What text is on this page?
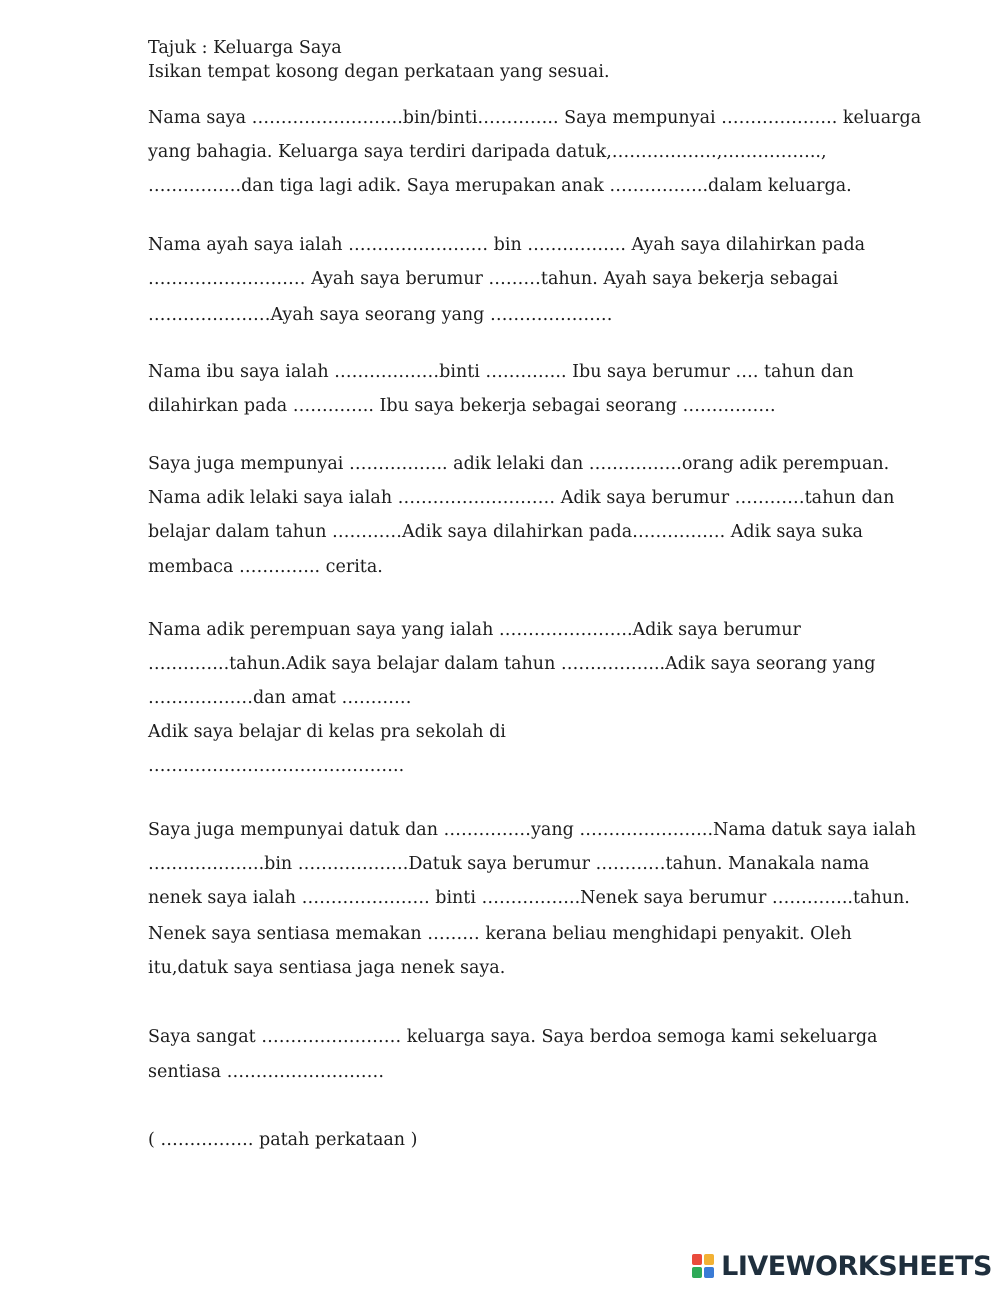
Tajuk : Keluarga Saya
Isikan tempat kosong degan perkataan yang sesuai.
Nama saya ……………………..bin/binti………….. Saya mempunyai ……………….. keluarga
yang bahagia. Keluarga saya terdiri daripada datuk,………………,……………..,
…………….dan tiga lagi adik. Saya merupakan anak ……………..dalam keluarga.
Nama ayah saya ialah …………………… bin …………….. Ayah saya dilahirkan pada
……………………… Ayah saya berumur ………tahun. Ayah saya bekerja sebagai
…………………Ayah saya seorang yang …………………
Nama ibu saya ialah ………………binti ………….. Ibu saya berumur …. tahun dan
dilahirkan pada ………….. Ibu saya bekerja sebagai seorang …………….
Saya juga mempunyai …………….. adik lelaki dan …………….orang adik perempuan.
Nama adik lelaki saya ialah ……………………… Adik saya berumur …………tahun dan
belajar dalam tahun …………Adik saya dilahirkan pada……………. Adik saya suka
membaca ………….. cerita.
Nama adik perempuan saya yang ialah …………………..Adik saya berumur
…………..tahun.Adik saya belajar dalam tahun ……………...Adik saya seorang yang
………………dan amat …………
Adik saya belajar di kelas pra sekolah di
……………………………………..
Saya juga mempunyai datuk dan ……………yang …………………..Nama datuk saya ialah
………………..bin ……………….Datuk saya berumur …………tahun. Manakala nama
nenek saya ialah …………………. binti ……………..Nenek saya berumur …………..tahun.
Nenek saya sentiasa memakan ……… kerana beliau menghidapi penyakit. Oleh
itu,datuk saya sentiasa jaga nenek saya.
Saya sangat …………………… keluarga saya. Saya berdoa semoga kami sekeluarga
sentiasa ………………………
( ……………. patah perkataan )
LIVEWORKSHEETS
